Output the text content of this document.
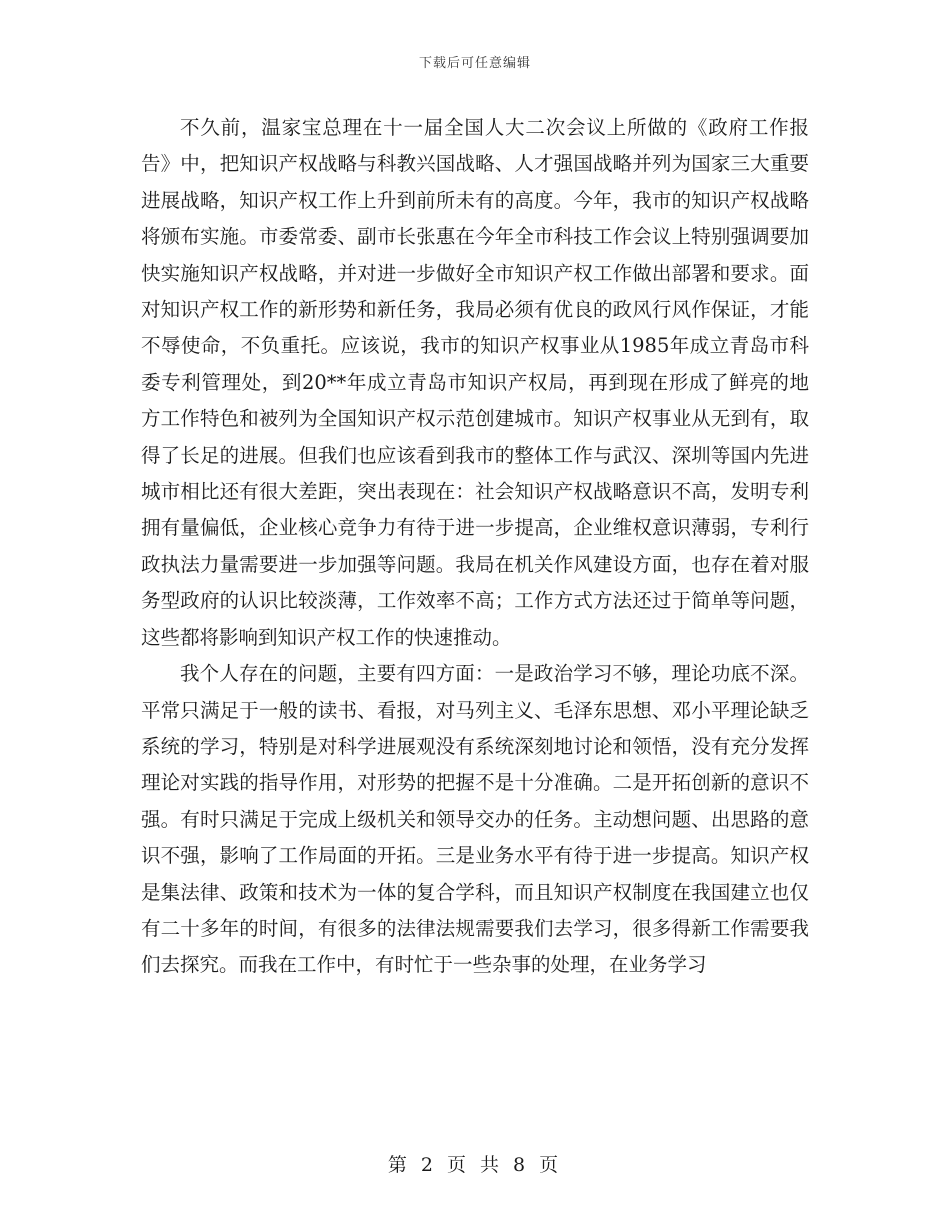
下载后可任意编辑

不久前，温家宝总理在十一届全国人大二次会议上所做的《政府工作报告》中，把知识产权战略与科教兴国战略、人才强国战略并列为国家三大重要进展战略，知识产权工作上升到前所未有的高度。今年，我市的知识产权战略将颁布实施。市委常委、副市长张惠在今年全市科技工作会议上特别强调要加快实施知识产权战略，并对进一步做好全市知识产权工作做出部署和要求。面对知识产权工作的新形势和新任务，我局必须有优良的政风行风作保证，才能不辱使命，不负重托。应该说，我市的知识产权事业从1985年成立青岛市科委专利管理处，到20**年成立青岛市知识产权局，再到现在形成了鲜亮的地方工作特色和被列为全国知识产权示范创建城市。知识产权事业从无到有，取得了长足的进展。但我们也应该看到我市的整体工作与武汉、深圳等国内先进城市相比还有很大差距，突出表现在：社会知识产权战略意识不高，发明专利拥有量偏低，企业核心竞争力有待于进一步提高，企业维权意识薄弱，专利行政执法力量需要进一步加强等问题。我局在机关作风建设方面，也存在着对服务型政府的认识比较淡薄，工作效率不高；工作方式方法还过于简单等问题，这些都将影响到知识产权工作的快速推动。

我个人存在的问题，主要有四方面：一是政治学习不够，理论功底不深。平常只满足于一般的读书、看报，对马列主义、毛泽东思想、邓小平理论缺乏系统的学习，特别是对科学进展观没有系统深刻地讨论和领悟，没有充分发挥理论对实践的指导作用，对形势的把握不是十分准确。二是开拓创新的意识不强。有时只满足于完成上级机关和领导交办的任务。主动想问题、出思路的意识不强，影响了工作局面的开拓。三是业务水平有待于进一步提高。知识产权是集法律、政策和技术为一体的复合学科，而且知识产权制度在我国建立也仅有二十多年的时间，有很多的法律法规需要我们去学习，很多得新工作需要我们去探究。而我在工作中，有时忙于一些杂事的处理，在业务学习

第 2 页 共 8 页
